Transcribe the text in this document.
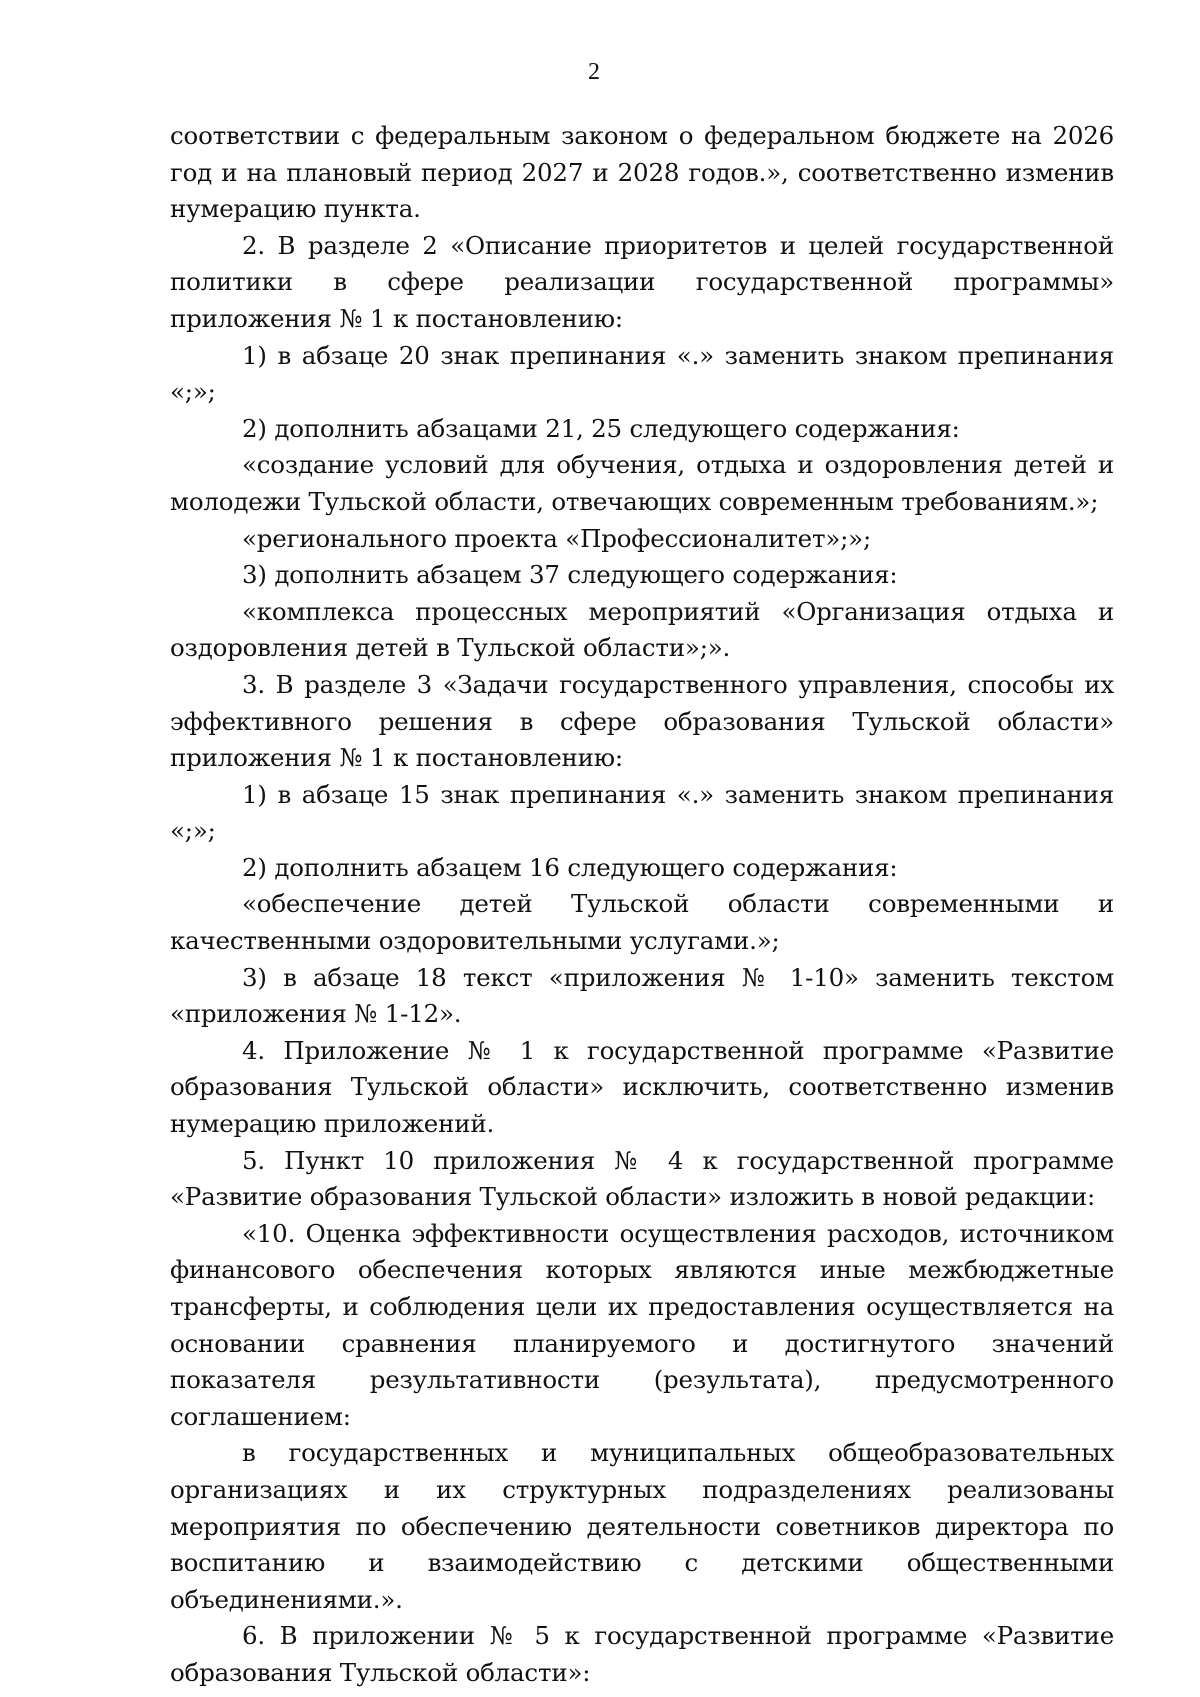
2

соответствии с федеральным законом о федеральном бюджете на 2026 год и на плановый период 2027 и 2028 годов.», соответственно изменив нумерацию пункта.

2. В разделе 2 «Описание приоритетов и целей государственной политики в сфере реализации государственной программы» приложения № 1 к постановлению:

1) в абзаце 20 знак препинания «.» заменить знаком препинания «;»;

2) дополнить абзацами 21, 25 следующего содержания:

«создание условий для обучения, отдыха и оздоровления детей и молодежи Тульской области, отвечающих современным требованиям.»;

«регионального проекта «Профессионалитет»;»;

3) дополнить абзацем 37 следующего содержания:

«комплекса процессных мероприятий «Организация отдыха и оздоровления детей в Тульской области»;».

3. В разделе 3 «Задачи государственного управления, способы их эффективного решения в сфере образования Тульской области» приложения № 1 к постановлению:

1) в абзаце 15 знак препинания «.» заменить знаком препинания «;»;

2) дополнить абзацем 16 следующего содержания:

«обеспечение детей Тульской области современными и качественными оздоровительными услугами.»;

3) в абзаце 18 текст «приложения № 1-10» заменить текстом «приложения № 1-12».

4. Приложение № 1 к государственной программе «Развитие образования Тульской области» исключить, соответственно изменив нумерацию приложений.

5. Пункт 10 приложения № 4 к государственной программе «Развитие образования Тульской области» изложить в новой редакции:

«10. Оценка эффективности осуществления расходов, источником финансового обеспечения которых являются иные межбюджетные трансферты, и соблюдения цели их предоставления осуществляется на основании сравнения планируемого и достигнутого значений показателя результативности (результата), предусмотренного соглашением:

в государственных и муниципальных общеобразовательных организациях и их структурных подразделениях реализованы мероприятия по обеспечению деятельности советников директора по воспитанию и взаимодействию с детскими общественными объединениями.».

6. В приложении № 5 к государственной программе «Развитие образования Тульской области»:
